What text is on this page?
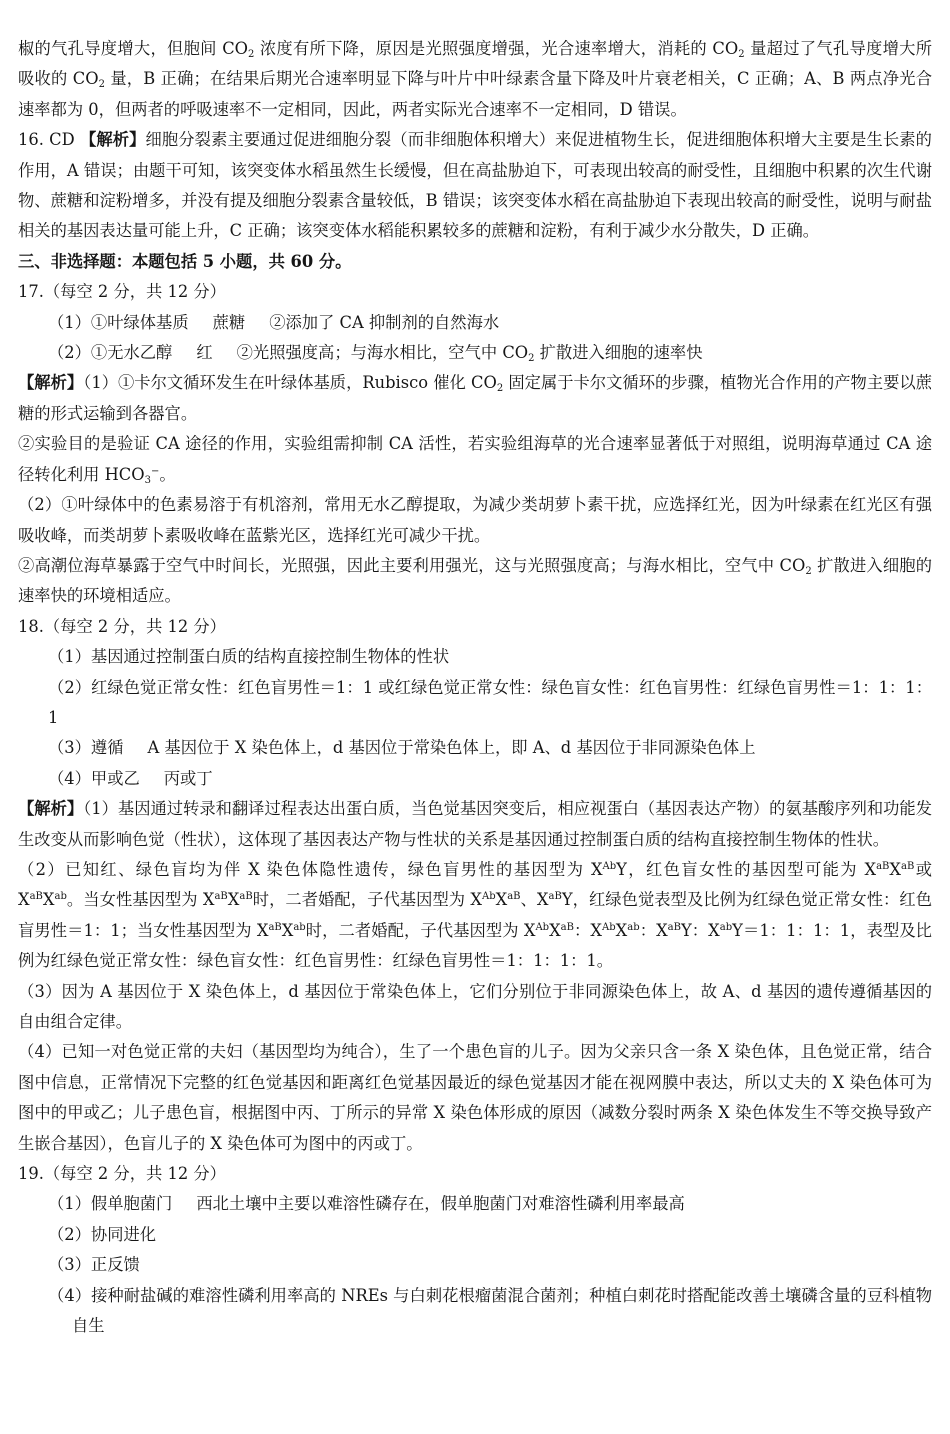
椒的气孔导度增大，但胞间 $CO_2$ 浓度有所下降，原因是光照强度增强，光合速率增大，消耗的 $CO_2$ 量超过了气孔导度增大所吸收的 $CO_2$ 量，B 正确；在结果后期光合速率明显下降与叶片中叶绿素含量下降及叶片衰老相关，C 正确；A、B 两点净光合速率都为 0，但两者的呼吸速率不一定相同，因此，两者实际光合速率不一定相同，D 错误。

16. CD 【解析】细胞分裂素主要通过促进细胞分裂（而非细胞体积增大）来促进植物生长，促进细胞体积增大主要是生长素的作用，A 错误；由题干可知，该突变体水稻虽然生长缓慢，但在高盐胁迫下，可表现出较高的耐受性，且细胞中积累的次生代谢物、蔗糖和淀粉增多，并没有提及细胞分裂素含量较低，B 错误；该突变体水稻在高盐胁迫下表现出较高的耐受性，说明与耐盐相关的基因表达量可能上升，C 正确；该突变体水稻能积累较多的蔗糖和淀粉，有利于减少水分散失，D 正确。

三、非选择题：本题包括 5 小题，共 60 分。

17.（每空 2 分，共 12 分）

（1）①叶绿体基质 蔗糖 ②添加了 CA 抑制剂的自然海水

（2）①无水乙醇 红 ②光照强度高；与海水相比，空气中 $CO_2$ 扩散进入细胞的速率快

【解析】（1）①卡尔文循环发生在叶绿体基质，Rubisco 催化 $CO_2$ 固定属于卡尔文循环的步骤，植物光合作用的产物主要以蔗糖的形式运输到各器官。

②实验目的是验证 CA 途径的作用，实验组需抑制 CA 活性，若实验组海草的光合速率显著低于对照组，说明海草通过 CA 途径转化利用 $HCO_3^-$。

（2）①叶绿体中的色素易溶于有机溶剂，常用无水乙醇提取，为减少类胡萝卜素干扰，应选择红光，因为叶绿素在红光区有强吸收峰，而类胡萝卜素吸收峰在蓝紫光区，选择红光可减少干扰。

②高潮位海草暴露于空气中时间长，光照强，因此主要利用强光，这与光照强度高；与海水相比，空气中 $CO_2$ 扩散进入细胞的速率快的环境相适应。

18.（每空 2 分，共 12 分）

（1）基因通过控制蛋白质的结构直接控制生物体的性状

（2）红绿色觉正常女性：红色盲男性＝1：1 或红绿色觉正常女性：绿色盲女性：红色盲男性：红绿色盲男性＝1：1：1：1

（3）遵循 A 基因位于 X 染色体上，d 基因位于常染色体上，即 A、d 基因位于非同源染色体上

（4）甲或乙 丙或丁

【解析】（1）基因通过转录和翻译过程表达出蛋白质，当色觉基因突变后，相应视蛋白（基因表达产物）的氨基酸序列和功能发生改变从而影响色觉（性状），这体现了基因表达产物与性状的关系是基因通过控制蛋白质的结构直接控制生物体的性状。

（2）已知红、绿色盲均为伴 X 染色体隐性遗传，绿色盲男性的基因型为 $X^{Ab}Y$，红色盲女性的基因型可能为 $X^{aB}X^{aB}$或 $X^{aB}X^{ab}$。当女性基因型为 $X^{aB}X^{aB}$时，二者婚配，子代基因型为 $X^{Ab}X^{aB}$、$X^{aB}Y$，红绿色觉表型及比例为红绿色觉正常女性：红色盲男性＝1：1；当女性基因型为 $X^{aB}X^{ab}$时，二者婚配，子代基因型为 $X^{Ab}X^{aB}$：$X^{Ab}X^{ab}$：$X^{aB}Y$：$X^{ab}Y=1$：1：1：1，表型及比例为红绿色觉正常女性：绿色盲女性：红色盲男性：红绿色盲男性＝1：1：1：1。

（3）因为 A 基因位于 X 染色体上，d 基因位于常染色体上，它们分别位于非同源染色体上，故 A、d 基因的遗传遵循基因的自由组合定律。

（4）已知一对色觉正常的夫妇（基因型均为纯合），生了一个患色盲的儿子。因为父亲只含一条 X 染色体，且色觉正常，结合图中信息，正常情况下完整的红色觉基因和距离红色觉基因最近的绿色觉基因才能在视网膜中表达，所以丈夫的 X 染色体可为图中的甲或乙；儿子患色盲，根据图中丙、丁所示的异常 X 染色体形成的原因（减数分裂时两条 X 染色体发生不等交换导致产生嵌合基因），色盲儿子的 X 染色体可为图中的丙或丁。

19.（每空 2 分，共 12 分）

（1）假单胞菌门 西北土壤中主要以难溶性磷存在，假单胞菌门对难溶性磷利用率最高

（2）协同进化

（3）正反馈

（4）接种耐盐碱的难溶性磷利用率高的 NREs 与白刺花根瘤菌混合菌剂；种植白刺花时搭配能改善土壤磷含量的豆科植物自生
